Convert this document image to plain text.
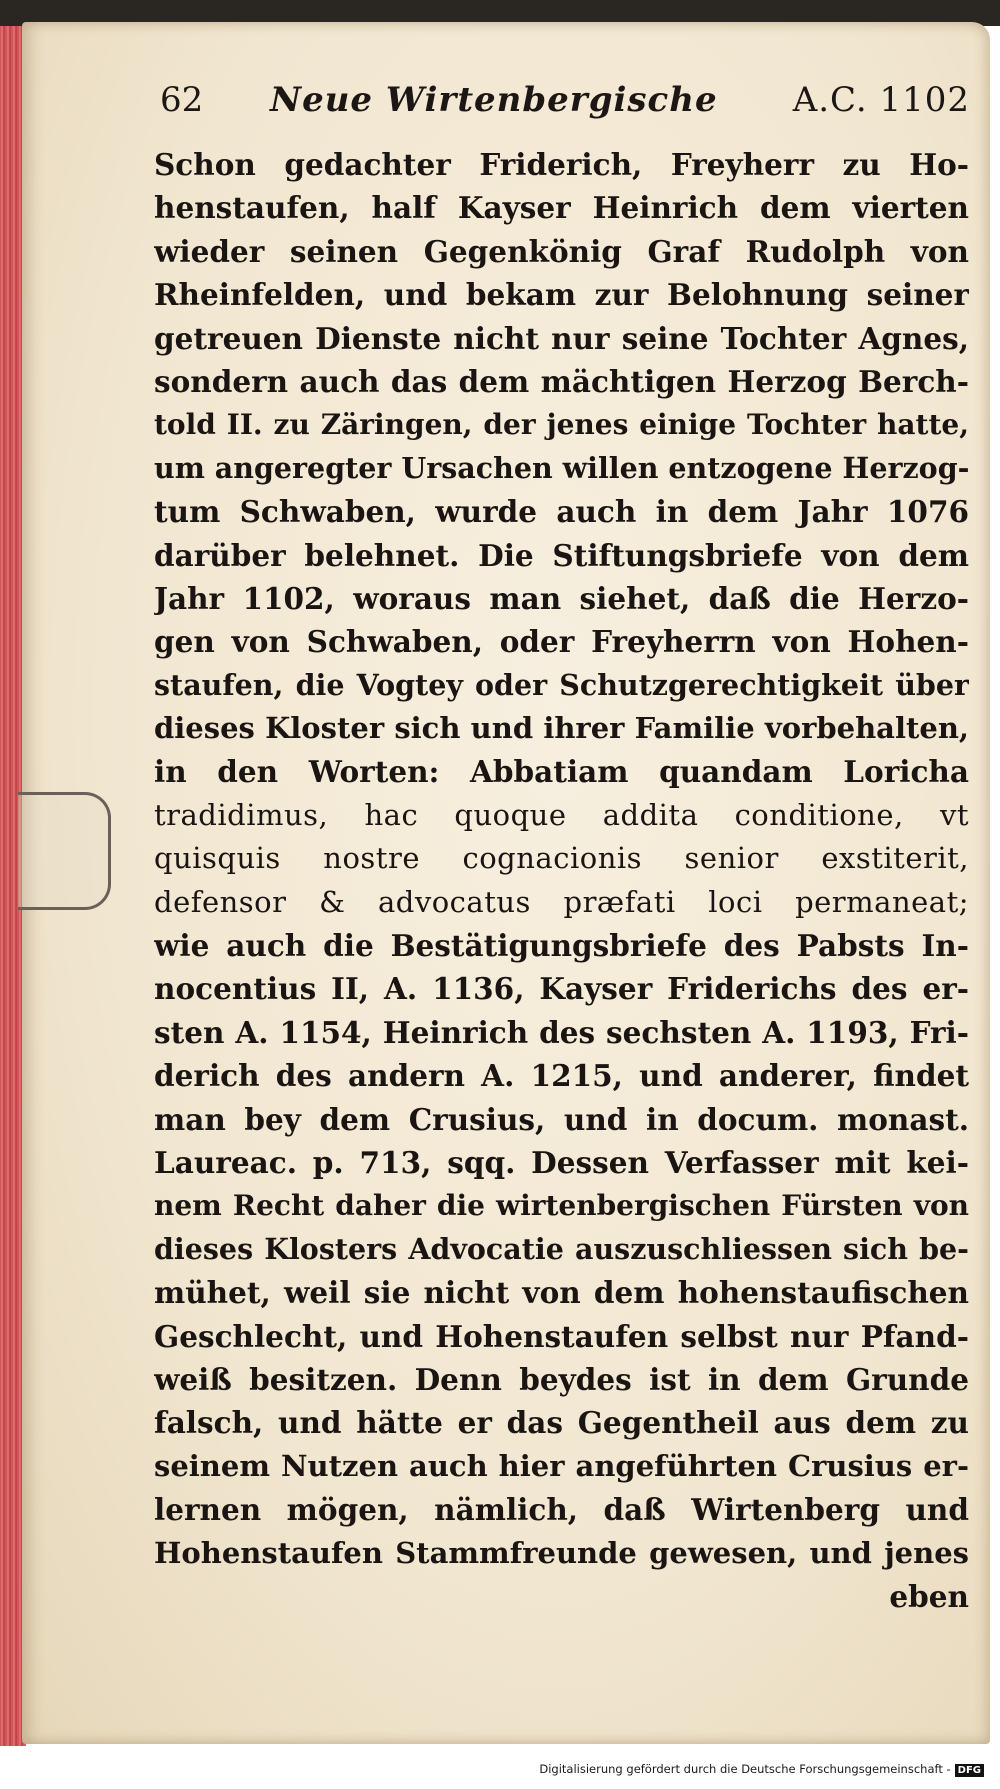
62 Neue Wirtenbergische A.C. 1102
Schon gedachter Friderich, Freyherr zu Ho-
henstaufen, half Kayser Heinrich dem vierten
wieder seinen Gegenkönig Graf Rudolph von
Rheinfelden, und bekam zur Belohnung seiner
getreuen Dienste nicht nur seine Tochter Agnes,
sondern auch das dem mächtigen Herzog Berch-
told II. zu Zäringen, der jenes einige Tochter hatte,
um angeregter Ursachen willen entzogene Herzog-
tum Schwaben, wurde auch in dem Jahr 1076
darüber belehnet. Die Stiftungsbriefe von dem
Jahr 1102, woraus man siehet, daß die Herzo-
gen von Schwaben, oder Freyherrn von Hohen-
staufen, die Vogtey oder Schutzgerechtigkeit über
dieses Kloster sich und ihrer Familie vorbehalten,
in den Worten: Abbatiam quandam Loricha
tradidimus, hac quoque addita conditione, vt
quisquis nostre cognacionis senior exstiterit,
defensor & advocatus præfati loci permaneat;
wie auch die Bestätigungsbriefe des Pabsts In-
nocentius II, A. 1136, Kayser Friderichs des er-
sten A. 1154, Heinrich des sechsten A. 1193, Fri-
derich des andern A. 1215, und anderer, findet
man bey dem Crusius, und in docum. monast.
Laureac. p. 713, sqq. Dessen Verfasser mit kei-
nem Recht daher die wirtenbergischen Fürsten von
dieses Klosters Advocatie auszuschliessen sich be-
mühet, weil sie nicht von dem hohenstaufischen
Geschlecht, und Hohenstaufen selbst nur Pfand-
weiß besitzen. Denn beydes ist in dem Grunde
falsch, und hätte er das Gegentheil aus dem zu
seinem Nutzen auch hier angeführten Crusius er-
lernen mögen, nämlich, daß Wirtenberg und
Hohenstaufen Stammfreunde gewesen, und jenes
eben
Digitalisierung gefördert durch die Deutsche Forschungsgemeinschaft - DFG
